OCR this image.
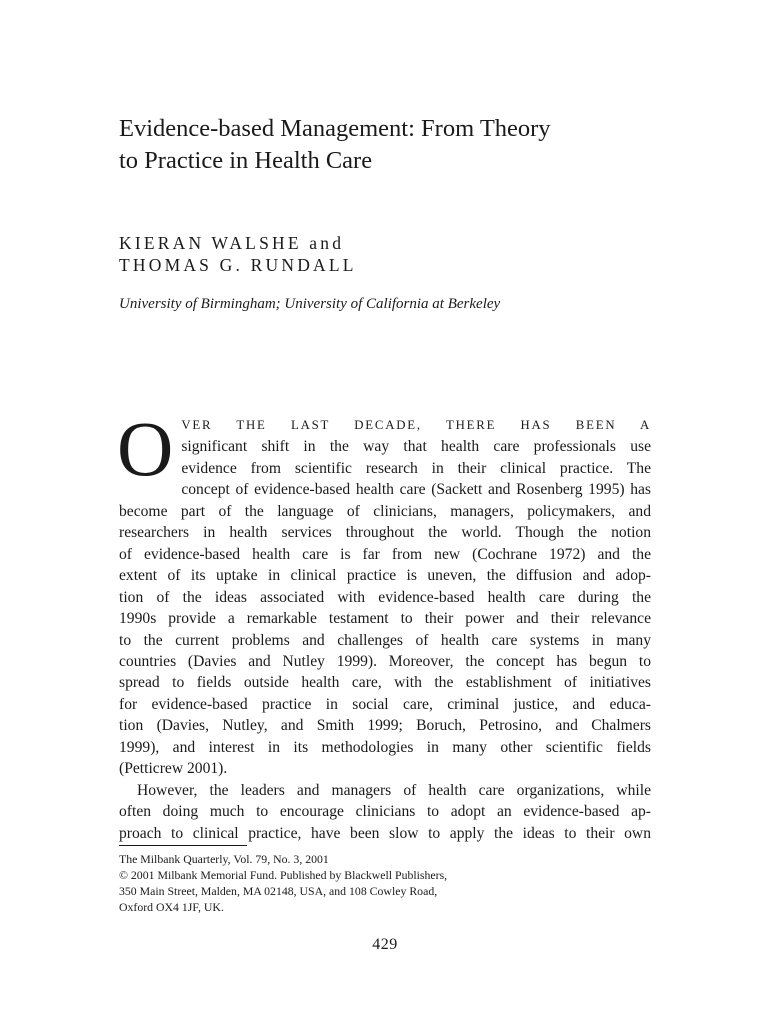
Evidence-based Management: From Theory
to Practice in Health Care
KIERAN WALSHE and
THOMAS G. RUNDALL
University of Birmingham; University of California at Berkeley
O VER THE LAST DECADE, THERE HAS BEEN A
significant shift in the way that health care professionals use
evidence from scientific research in their clinical practice. The
concept of evidence-based health care (Sackett and Rosenberg 1995) has
become part of the language of clinicians, managers, policymakers, and
researchers in health services throughout the world. Though the notion
of evidence-based health care is far from new (Cochrane 1972) and the
extent of its uptake in clinical practice is uneven, the diffusion and adop-
tion of the ideas associated with evidence-based health care during the
1990s provide a remarkable testament to their power and their relevance
to the current problems and challenges of health care systems in many
countries (Davies and Nutley 1999). Moreover, the concept has begun to
spread to fields outside health care, with the establishment of initiatives
for evidence-based practice in social care, criminal justice, and educa-
tion (Davies, Nutley, and Smith 1999; Boruch, Petrosino, and Chalmers
1999), and interest in its methodologies in many other scientific fields
(Petticrew 2001).
However, the leaders and managers of health care organizations, while
often doing much to encourage clinicians to adopt an evidence-based ap-
proach to clinical practice, have been slow to apply the ideas to their own
The Milbank Quarterly, Vol. 79, No. 3, 2001
© 2001 Milbank Memorial Fund. Published by Blackwell Publishers,
350 Main Street, Malden, MA 02148, USA, and 108 Cowley Road,
Oxford OX4 1JF, UK.
429
